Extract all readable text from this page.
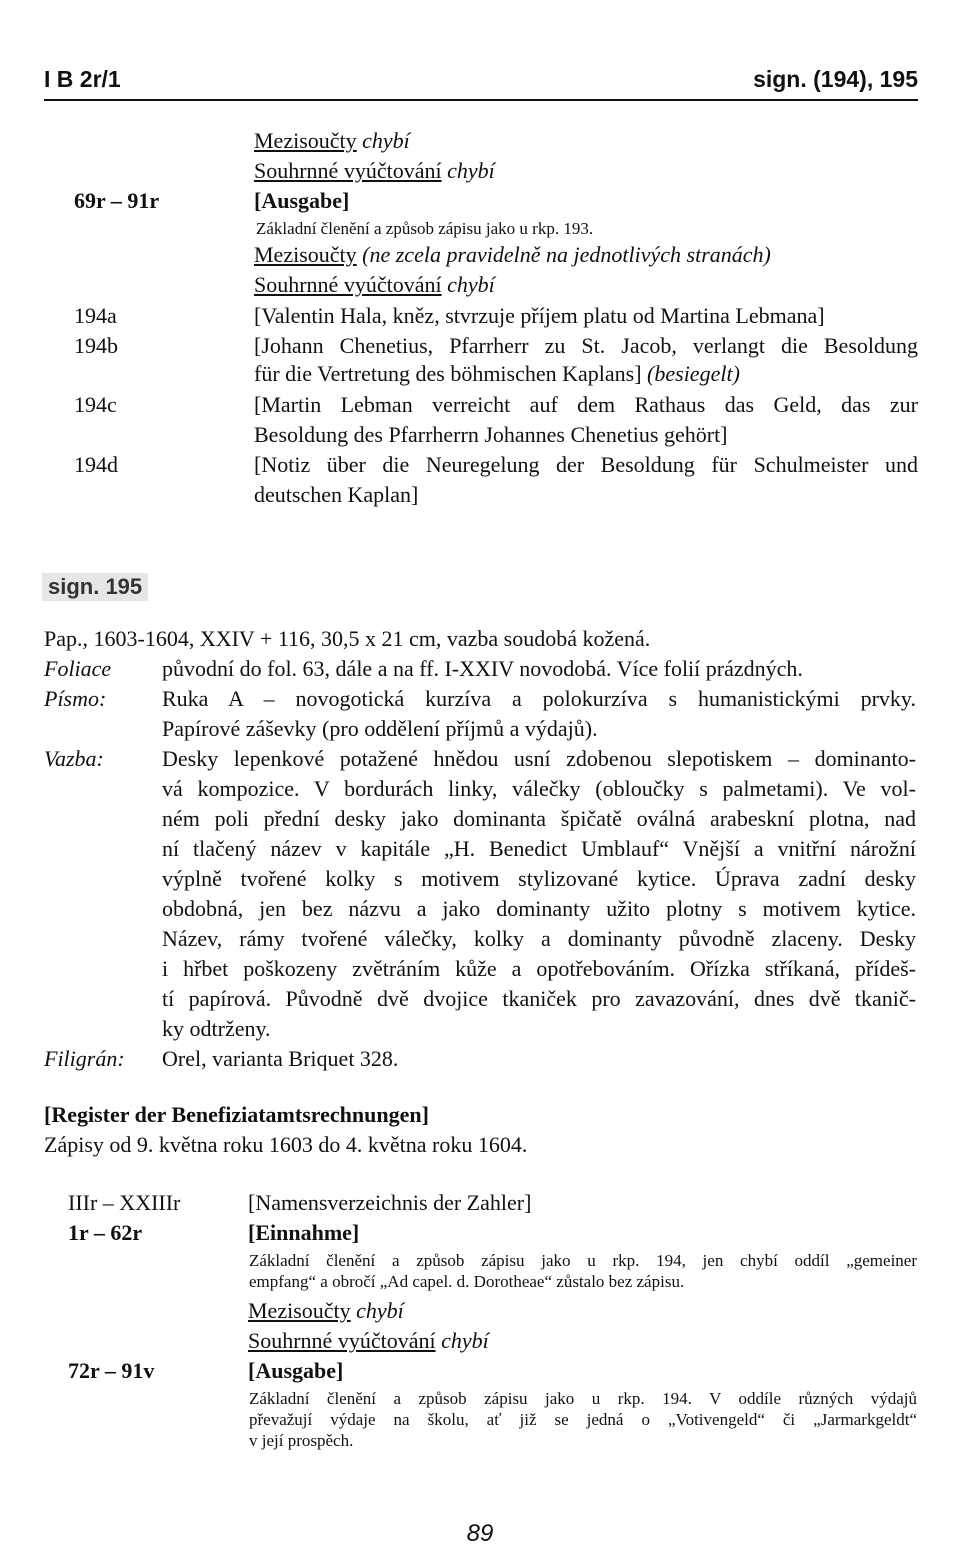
I B 2r/1	sign. (194), 195
Mezisoučty chybí
Souhrnné vyúčtování chybí
69r – 91r	[Ausgabe]
Základní členění a způsob zápisu jako u rkp. 193.
Mezisoučty (ne zcela pravidelně na jednotlivých stranách)
Souhrnné vyúčtování chybí
194a	[Valentin Hala, kněz, stvrzuje příjem platu od Martina Lebmana]
194b	[Johann Chenetius, Pfarrherr zu St. Jacob, verlangt die Besoldung
für die Vertretung des böhmischen Kaplans] (besiegelt)
194c	[Martin Lebman verreicht auf dem Rathaus das Geld, das zur
Besoldung des Pfarrherrn Johannes Chenetius gehört]
194d	[Notiz über die Neuregelung der Besoldung für Schulmeister und
deutschen Kaplan]
sign. 195
Pap., 1603-1604, XXIV + 116, 30,5 x 21 cm, vazba soudobá kožená.
Foliace původní do fol. 63, dále a na ff. I-XXIV novodobá. Více folií prázdných.
Písmo:	Ruka A – novogotická kurzíva a polokurzíva s humanistickými prvky.
Papírové záševky (pro oddělení příjmů a výdajů).
Vazba:	Desky lepenkové potažené hnědou usní zdobenou slepotiskem – dominanto-
vá kompozice. V bordurách linky, válečky (obloučky s palmetami). Ve vol-
ném poli přední desky jako dominanta špičatě oválná arabeskní plotna, nad
ní tlačený název v kapitále „H. Benedict Umblauf“ Vnější a vnitřní nárožní
výplně tvořené kolky s motivem stylizované kytice. Úprava zadní desky
obdobná, jen bez názvu a jako dominanty užito plotny s motivem kytice.
Název, rámy tvořené válečky, kolky a dominanty původně zlaceny. Desky
i hřbet poškozeny zvětráním kůže a opotřebováním. Ořízka stříkaná, přídeš-
tí papírová. Původně dvě dvojice tkaniček pro zavazování, dnes dvě tkanič-
ky odtrženy.
Filigrán: Orel, varianta Briquet 328.
[Register der Benefiziatamtsrechnungen]
Zápisy od 9. května roku 1603 do 4. května roku 1604.
IIIr – XXIIIr	[Namensverzeichnis der Zahler]
1r – 62r	[Einnahme]
Základní členění a způsob zápisu jako u rkp. 194, jen chybí oddíl „gemeiner
empfang“ a obročí „Ad capel. d. Dorotheae“ zůstalo bez zápisu.
Mezisoučty chybí
Souhrnné vyúčtování chybí
72r – 91v	[Ausgabe]
Základní členění a způsob zápisu jako u rkp. 194. V oddíle různých výdajů
převažují výdaje na školu, ať již se jedná o „Votivengeld“ či „Jarmarkgeldt“
v její prospěch.
89
